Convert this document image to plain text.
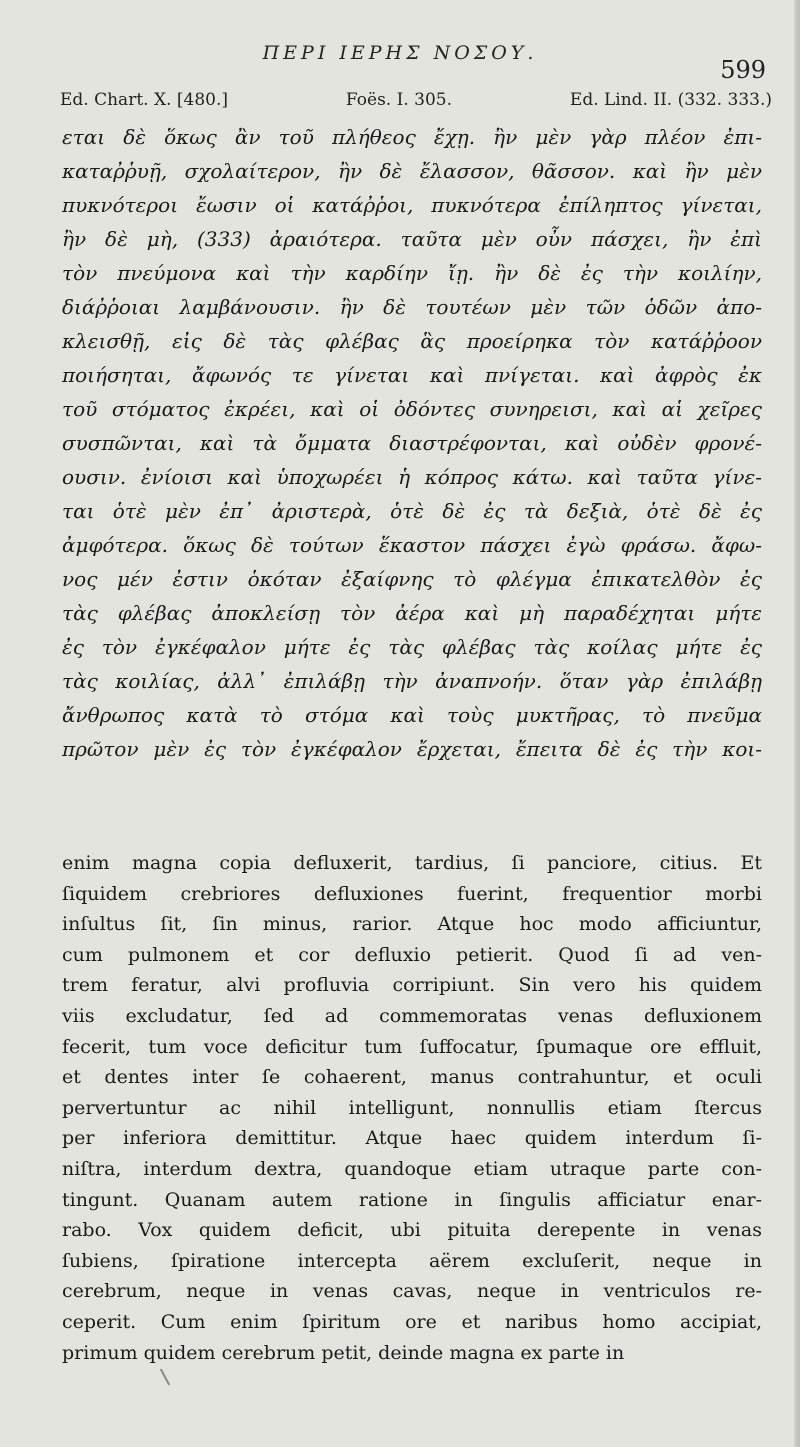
ΠΕΡΙ ΙΕΡΗΣ ΝΟΣΟΥ.
599
Ed. Chart. X. [480.]	Foës. I. 305.	Ed. Lind. II. (332. 333.)
εται δὲ ὅκως ἂν τοῦ πλήθεος ἔχῃ. ἢν μὲν γὰρ πλέον ἐπι-
καταῤῥυῇ, σχολαίτερον, ἢν δὲ ἔλασσον, θᾶσσον. καὶ ἢν μὲν
πυκνότεροι ἔωσιν οἱ κατάῤῥοι, πυκνότερα ἐπίληπτος γίνεται,
ἢν δὲ μὴ, (333) ἀραιότερα. ταῦτα μὲν οὖν πάσχει, ἢν ἐπὶ
τὸν πνεύμονα καὶ τὴν καρδίην ἴῃ. ἢν δὲ ἐς τὴν κοιλίην,
διάῤῥοιαι λαμβάνουσιν. ἢν δὲ τουτέων μὲν τῶν ὁδῶν ἀπο-
κλεισθῇ, εἰς δὲ τὰς φλέβας ἃς προείρηκα τὸν κατάῤῥοον
ποιήσηται, ἄφωνός τε γίνεται καὶ πνίγεται. καὶ ἀφρὸς ἐκ
τοῦ στόματος ἐκρέει, καὶ οἱ ὀδόντες συνηρεισι, καὶ αἱ χεῖρες
συσπῶνται, καὶ τὰ ὄμματα διαστρέφονται, καὶ οὐδὲν φρονέ-
ουσιν. ἐνίοισι καὶ ὑποχωρέει ἡ κόπρος κάτω. καὶ ταῦτα γίνε-
ται ὁτὲ μὲν ἐπ᾽ ἀριστερὰ, ὁτὲ δὲ ἐς τὰ δεξιὰ, ὁτὲ δὲ ἐς
ἀμφότερα. ὅκως δὲ τούτων ἕκαστον πάσχει ἐγὼ φράσω. ἄφω-
νος μέν ἐστιν ὁκόταν ἐξαίφνης τὸ φλέγμα ἐπικατελθὸν ἐς
τὰς φλέβας ἀποκλείσῃ τὸν ἀέρα καὶ μὴ παραδέχηται μήτε
ἐς τὸν ἐγκέφαλον μήτε ἐς τὰς φλέβας τὰς κοίλας μήτε ἐς
τὰς κοιλίας, ἀλλ᾽ ἐπιλάβῃ τὴν ἀναπνοήν. ὅταν γὰρ ἐπιλάβῃ
ἄνθρωπος κατὰ τὸ στόμα καὶ τοὺς μυκτῆρας, τὸ πνεῦμα
πρῶτον μὲν ἐς τὸν ἐγκέφαλον ἔρχεται, ἔπειτα δὲ ἐς τὴν κοι-
enim magna copia defluxerit, tardius, ſi panciore, citius. Et
ſiquidem crebriores defluxiones fuerint, frequentior morbi
inſultus ſit, ſin minus, rarior. Atque hoc modo afficiuntur,
cum pulmonem et cor defluxio petierit. Quod ſi ad ven-
trem feratur, alvi profluvia corripiunt. Sin vero his quidem
viis excludatur, ſed ad commemoratas venas defluxionem
fecerit, tum voce deficitur tum ſuffocatur, ſpumaque ore effluit,
et dentes inter ſe cohaerent, manus contrahuntur, et oculi
pervertuntur ac nihil intelligunt, nonnullis etiam ſtercus
per inferiora demittitur. Atque haec quidem interdum ſi-
niſtra, interdum dextra, quandoque etiam utraque parte con-
tingunt. Quanam autem ratione in ſingulis afficiatur enar-
rabo. Vox quidem deficit, ubi pituita derepente in venas
ſubiens, ſpiratione intercepta aërem excluſerit, neque in
cerebrum, neque in venas cavas, neque in ventriculos re-
ceperit. Cum enim ſpiritum ore et naribus homo accipiat,
primum quidem cerebrum petit, deinde magna ex parte in
